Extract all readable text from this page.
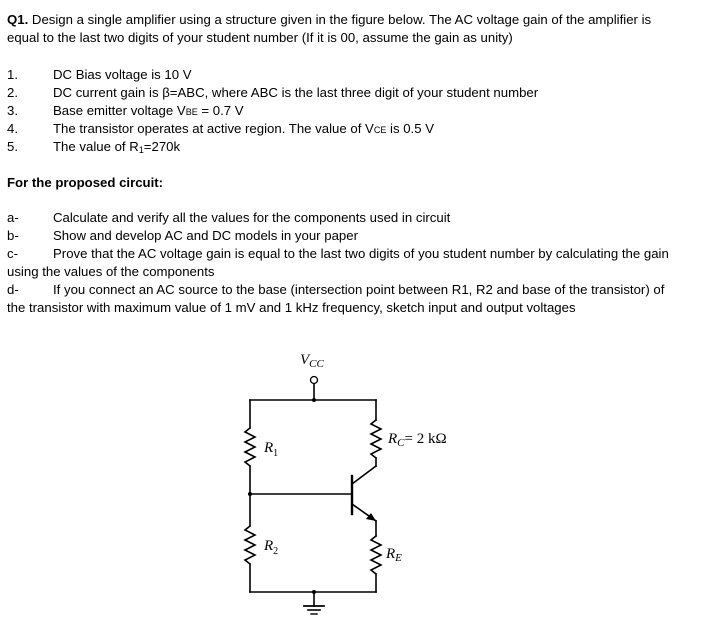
Q1. Design a single amplifier using a structure given in the figure below. The AC voltage gain of the amplifier is
equal to the last two digits of your student number (If it is 00, assume the gain as unity)
1.	DC Bias voltage is 10 V
2.	DC current gain is β=ABC, where ABC is the last three digit of your student number
3.	Base emitter voltage VBE = 0.7 V
4.	The transistor operates at active region. The value of VCE is 0.5 V
5.	The value of R1=270k
For the proposed circuit:
a-	Calculate and verify all the values for the components used in circuit
b-	Show and develop AC and DC models in your paper
c-	Prove that the AC voltage gain is equal to the last two digits of you student number by calculating the gain
using the values of the components
d-	If you connect an AC source to the base (intersection point between R1, R2 and base of the transistor) of
the transistor with maximum value of 1 mV and 1 kHz frequency, sketch input and output voltages
$V_{CC}$
$R_1$
$R_2$
$R_C= 2$ kΩ
$R_E$
